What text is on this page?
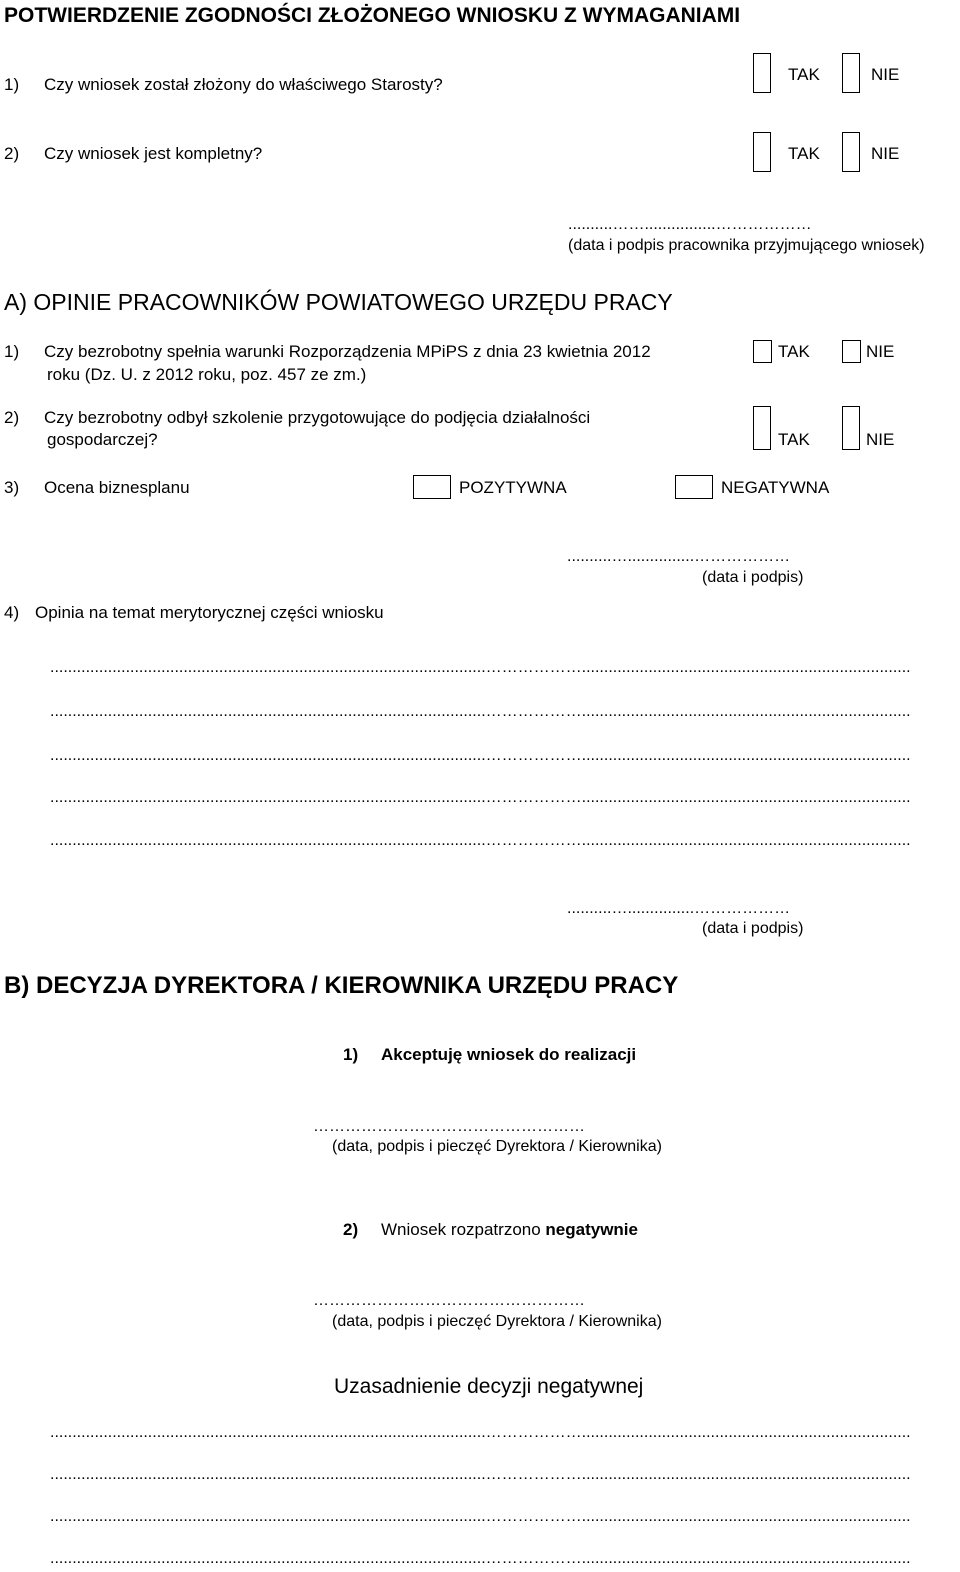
POTWIERDZENIE ZGODNOŚCI ZŁOŻONEGO WNIOSKU Z WYMAGANIAMI
1) Czy wniosek został złożony do właściwego Starosty?
TAK	NIE
2) Czy wniosek jest kompletny?	TAK	NIE
..........……................………………
(data i podpis pracownika przyjmującego wniosek)
A) OPINIE PRACOWNIKÓW POWIATOWEGO URZĘDU PRACY
1) Czy bezrobotny spełnia warunki Rozporządzenia MPiPS z dnia 23 kwietnia 2012
roku (Dz. U. z 2012 roku, poz. 457 ze zm.)
TAK	NIE
2) Czy bezrobotny odbył szkolenie przygotowujące do podjęcia działalności
gospodarczej?	TAK	NIE
3) Ocena biznesplanu	POZYTYWNA	NEGATYWNA
..........…...............………………
(data i podpis)
4) Opinia na temat merytorycznej części wniosku
..................................................................................................………………..........................................................................
..................................................................................................………………..........................................................................
..................................................................................................………………..........................................................................
..................................................................................................………………..........................................................................
..................................................................................................………………..........................................................................
..........…...............………………
(data i podpis)
B) DECYZJA DYREKTORA / KIEROWNIKA URZĘDU PRACY
1) Akceptuję wniosek do realizacji
……………………………………………
(data, podpis i pieczęć Dyrektora / Kierownika)
2) Wniosek rozpatrzono negatywnie
……………………………………………
(data, podpis i pieczęć Dyrektora / Kierownika)
Uzasadnienie decyzji negatywnej
..................................................................................................………………..........................................................................
..................................................................................................………………..........................................................................
..................................................................................................………………..........................................................................
..................................................................................................………………..........................................................................
